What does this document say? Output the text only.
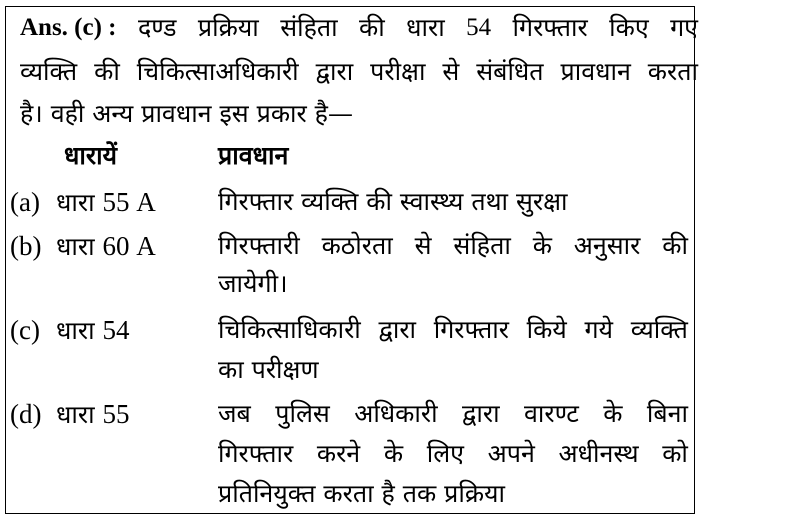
Ans. (c) : दण्ड प्रक्रिया संहिता की धारा 54 गिरफ्तार किए गए
व्यक्ति की चिकित्साअधिकारी द्वारा परीक्षा से संबंधित प्रावधान करता
है। वही अन्य प्रावधान इस प्रकार है—
धारायें	प्रावधान
(a) धारा 55 A गिरफ्तार व्यक्ति की स्वास्थ्य तथा सुरक्षा
(b) धारा 60 A गिरफ्तारी कठोरता से संहिता के अनुसार की
जायेगी।
(c) धारा 54	चिकित्साधिकारी द्वारा गिरफ्तार किये गये व्यक्ति
का परीक्षण
(d) धारा 55	जब पुलिस अधिकारी द्वारा वारण्ट के बिना
गिरफ्तार करने के लिए अपने अधीनस्थ को
प्रतिनियुक्त करता है तक प्रक्रिया
